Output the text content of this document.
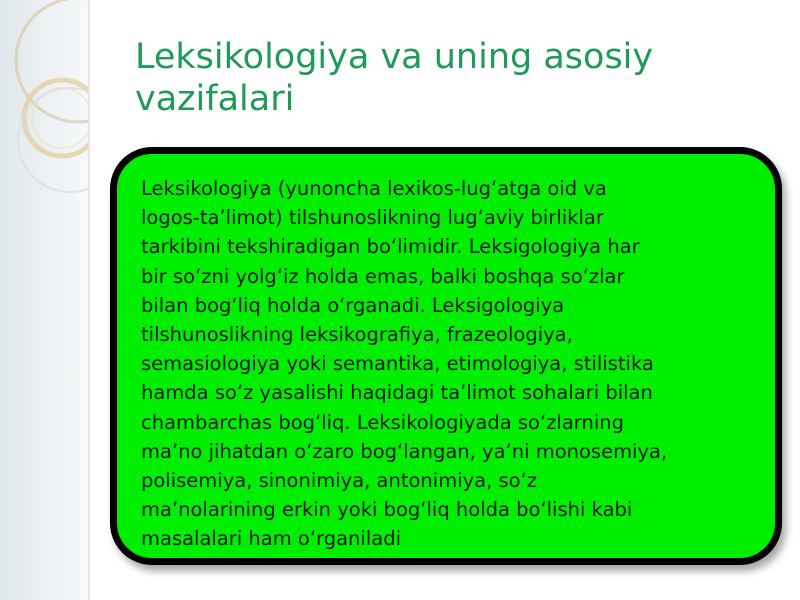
Leksikologiya va uning asosiy vazifalari

Leksikologiya (yunoncha lexikos-lug‘atga oid va
logos-ta’limot) tilshunoslikning lug‘aviy birliklar
tarkibini tekshiradigan bo‘limidir. Leksigologiya har
bir so‘zni yolg‘iz holda emas, balki boshqa so‘zlar
bilan bog‘liq holda o‘rganadi. Leksigologiya
tilshunoslikning leksikografiya, frazeologiya,
semasiologiya yoki semantika, etimologiya, stilistika
hamda so‘z yasalishi haqidagi ta’limot sohalari bilan
chambarchas bog‘liq. Leksikologiyada so‘zlarning
ma’no jihatdan o‘zaro bog‘langan, ya’ni monosemiya,
polisemiya, sinonimiya, antonimiya, so‘z
ma’nolarining erkin yoki bog‘liq holda bo‘lishi kabi
masalalari ham o‘rganiladi
